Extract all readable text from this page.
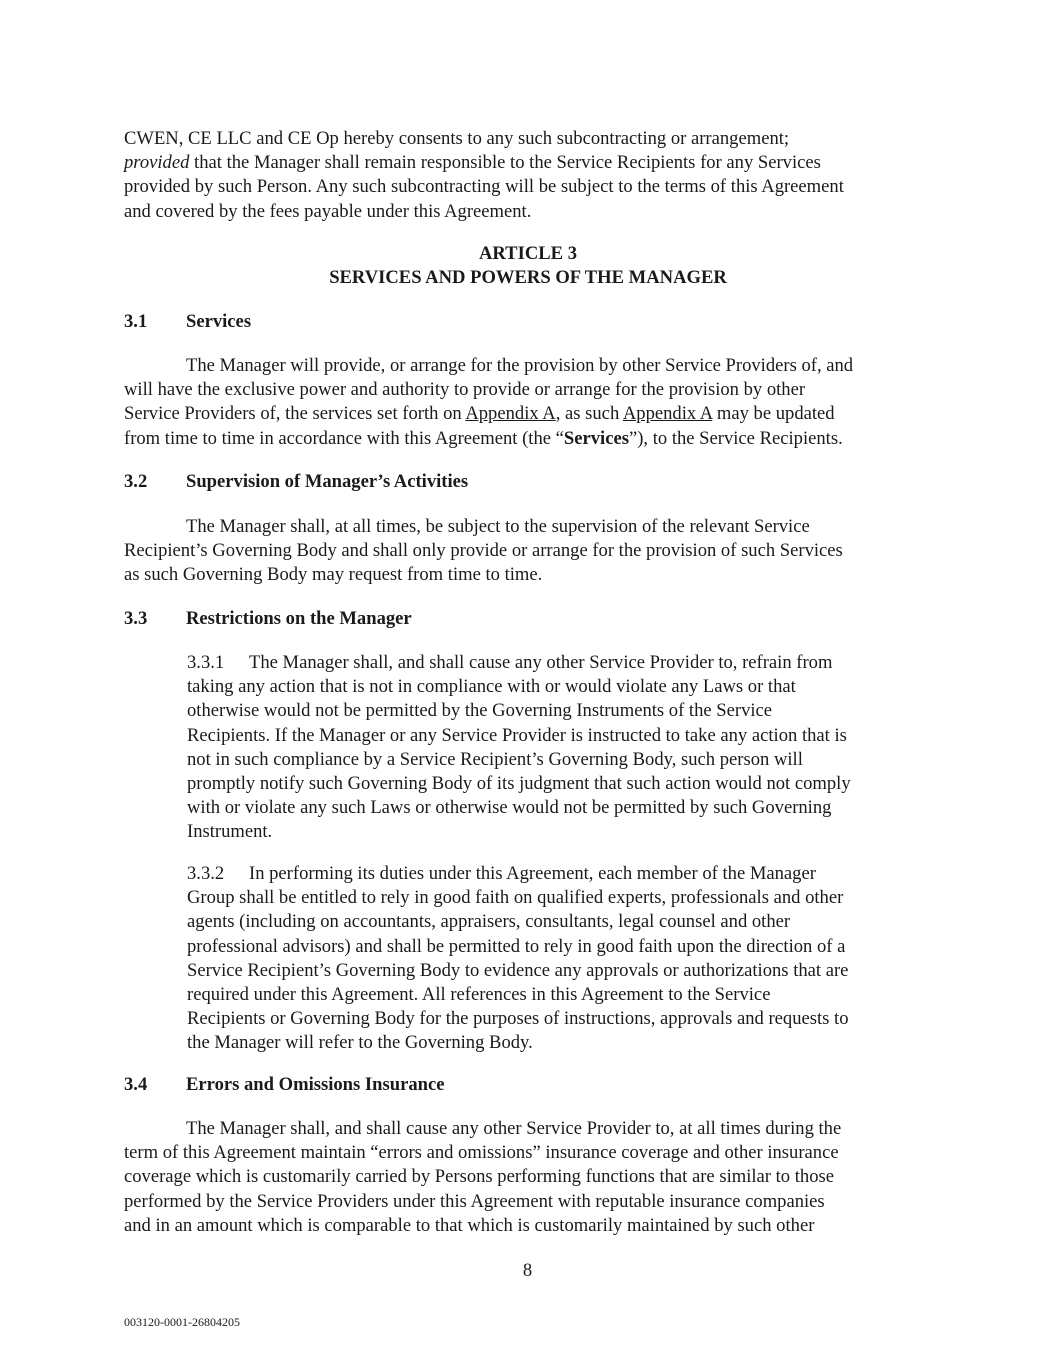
CWEN, CE LLC and CE Op hereby consents to any such subcontracting or arrangement;
provided that the Manager shall remain responsible to the Service Recipients for any Services
provided by such Person. Any such subcontracting will be subject to the terms of this Agreement
and covered by the fees payable under this Agreement.
ARTICLE 3
SERVICES AND POWERS OF THE MANAGER
3.1 Services
The Manager will provide, or arrange for the provision by other Service Providers of, and
will have the exclusive power and authority to provide or arrange for the provision by other
Service Providers of, the services set forth on Appendix A, as such Appendix A may be updated
from time to time in accordance with this Agreement (the “Services”), to the Service Recipients.
3.2 Supervision of Manager’s Activities
The Manager shall, at all times, be subject to the supervision of the relevant Service
Recipient’s Governing Body and shall only provide or arrange for the provision of such Services
as such Governing Body may request from time to time.
3.3 Restrictions on the Manager
3.3.1 The Manager shall, and shall cause any other Service Provider to, refrain from
taking any action that is not in compliance with or would violate any Laws or that
otherwise would not be permitted by the Governing Instruments of the Service
Recipients. If the Manager or any Service Provider is instructed to take any action that is
not in such compliance by a Service Recipient’s Governing Body, such person will
promptly notify such Governing Body of its judgment that such action would not comply
with or violate any such Laws or otherwise would not be permitted by such Governing
Instrument.
3.3.2 In performing its duties under this Agreement, each member of the Manager
Group shall be entitled to rely in good faith on qualified experts, professionals and other
agents (including on accountants, appraisers, consultants, legal counsel and other
professional advisors) and shall be permitted to rely in good faith upon the direction of a
Service Recipient’s Governing Body to evidence any approvals or authorizations that are
required under this Agreement. All references in this Agreement to the Service
Recipients or Governing Body for the purposes of instructions, approvals and requests to
the Manager will refer to the Governing Body.
3.4 Errors and Omissions Insurance
The Manager shall, and shall cause any other Service Provider to, at all times during the
term of this Agreement maintain “errors and omissions” insurance coverage and other insurance
coverage which is customarily carried by Persons performing functions that are similar to those
performed by the Service Providers under this Agreement with reputable insurance companies
and in an amount which is comparable to that which is customarily maintained by such other
8
003120-0001-26804205
